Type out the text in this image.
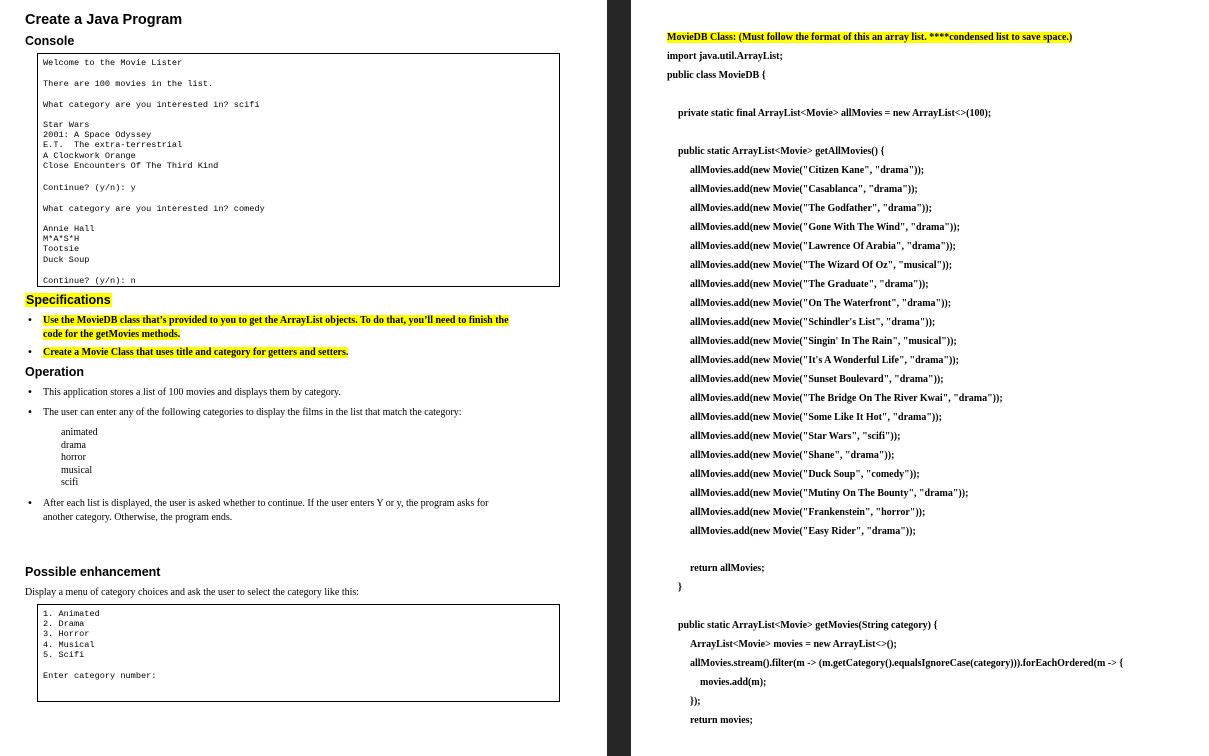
Create a Java Program
Console
Welcome to the Movie Lister
There are 100 movies in the list.
What category are you interested in? scifi
Star Wars
2001: A Space Odyssey
E.T.  The extra-terrestrial
A Clockwork Orange
Close Encounters Of The Third Kind
Continue? (y/n): y
What category are you interested in? comedy
Annie Hall
M*A*S*H
Tootsie
Duck Soup
Continue? (y/n): n
Specifications
• Use the MovieDB class that’s provided to you to get the ArrayList objects. To do that, you’ll need to finish the
code for the getMovies methods.
• Create a Movie Class that uses title and category for getters and setters.
Operation
• This application stores a list of 100 movies and displays them by category.
• The user can enter any of the following categories to display the films in the list that match the category:
animated
drama
horror
musical
scifi
• After each list is displayed, the user is asked whether to continue. If the user enters Y or y, the program asks for
another category. Otherwise, the program ends.
Possible enhancement
Display a menu of category choices and ask the user to select the category like this:
1. Animated
2. Drama
3. Horror
4. Musical
5. Scifi
Enter category number:
MovieDB Class: (Must follow the format of this an array list. ****condensed list to save space.)
import java.util.ArrayList;
public class MovieDB {
private static final ArrayList<Movie> allMovies = new ArrayList<>(100);
public static ArrayList<Movie> getAllMovies() {
allMovies.add(new Movie("Citizen Kane", "drama"));
allMovies.add(new Movie("Casablanca", "drama"));
allMovies.add(new Movie("The Godfather", "drama"));
allMovies.add(new Movie("Gone With The Wind", "drama"));
allMovies.add(new Movie("Lawrence Of Arabia", "drama"));
allMovies.add(new Movie("The Wizard Of Oz", "musical"));
allMovies.add(new Movie("The Graduate", "drama"));
allMovies.add(new Movie("On The Waterfront", "drama"));
allMovies.add(new Movie("Schindler's List", "drama"));
allMovies.add(new Movie("Singin' In The Rain", "musical"));
allMovies.add(new Movie("It's A Wonderful Life", "drama"));
allMovies.add(new Movie("Sunset Boulevard", "drama"));
allMovies.add(new Movie("The Bridge On The River Kwai", "drama"));
allMovies.add(new Movie("Some Like It Hot", "drama"));
allMovies.add(new Movie("Star Wars", "scifi"));
allMovies.add(new Movie("Shane", "drama"));
allMovies.add(new Movie("Duck Soup", "comedy"));
allMovies.add(new Movie("Mutiny On The Bounty", "drama"));
allMovies.add(new Movie("Frankenstein", "horror"));
allMovies.add(new Movie("Easy Rider", "drama"));
return allMovies;
}
public static ArrayList<Movie> getMovies(String category) {
ArrayList<Movie> movies = new ArrayList<>();
allMovies.stream().filter(m -> (m.getCategory().equalsIgnoreCase(category))).forEachOrdered(m -> {
movies.add(m);
});
return movies;
